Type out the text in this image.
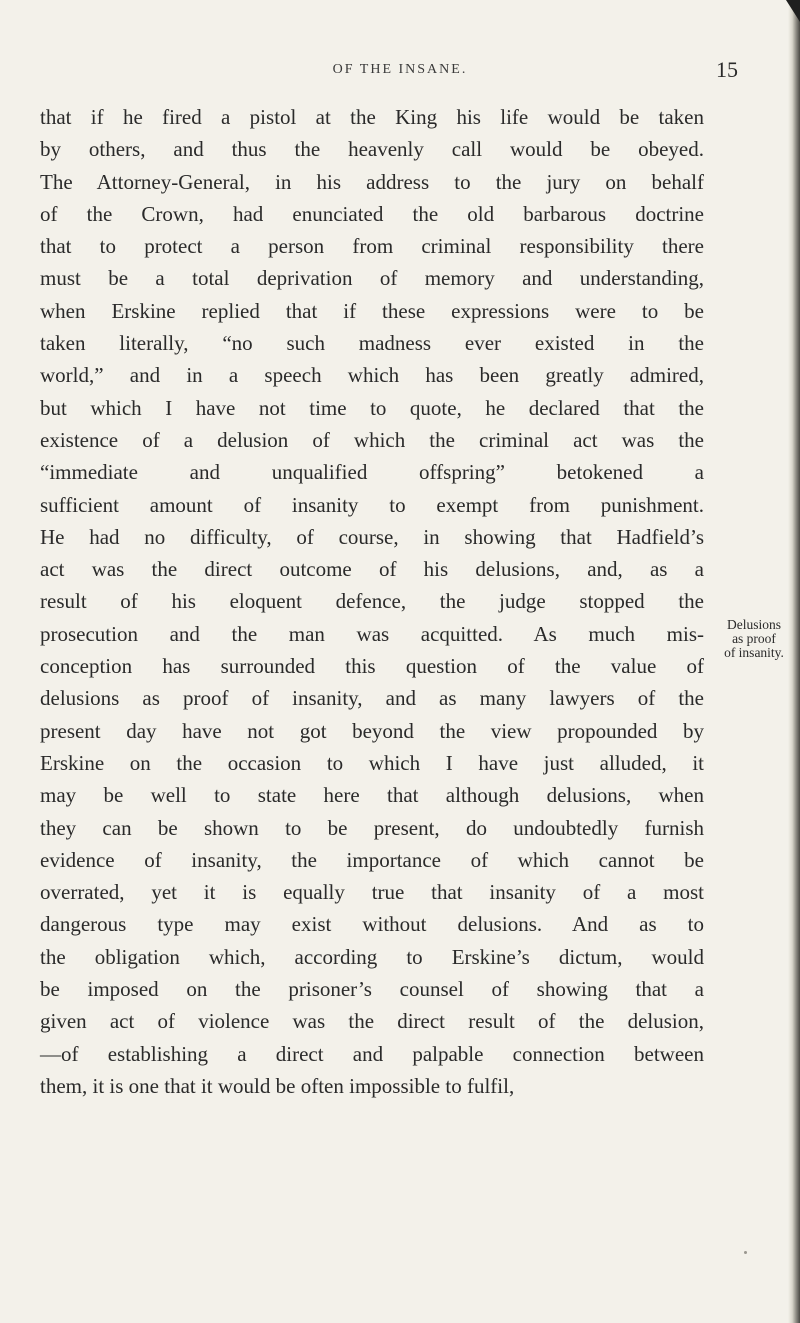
OF THE INSANE.	15
that if he fired a pistol at the King his life would be taken
by others, and thus the heavenly call would be obeyed.
The Attorney-General, in his address to the jury on behalf
of the Crown, had enunciated the old barbarous doctrine
that to protect a person from criminal responsibility there
must be a total deprivation of memory and understanding,
when Erskine replied that if these expressions were to be
taken literally, “no such madness ever existed in the
world,” and in a speech which has been greatly admired,
but which I have not time to quote, he declared that the
existence of a delusion of which the criminal act was the
“immediate and unqualified offspring” betokened a
sufficient amount of insanity to exempt from punishment.
He had no difficulty, of course, in showing that Hadfield’s
act was the direct outcome of his delusions, and, as a
result of his eloquent defence, the judge stopped the
prosecution and the man was acquitted. As much mis-
conception has surrounded this question of the value of
delusions as proof of insanity, and as many lawyers of the
present day have not got beyond the view propounded by
Erskine on the occasion to which I have just alluded, it
may be well to state here that although delusions, when
they can be shown to be present, do undoubtedly furnish
evidence of insanity, the importance of which cannot be
overrated, yet it is equally true that insanity of a most
dangerous type may exist without delusions. And as to
the obligation which, according to Erskine’s dictum, would
be imposed on the prisoner’s counsel of showing that a
given act of violence was the direct result of the delusion,
—of establishing a direct and palpable connection between
them, it is one that it would be often impossible to fulfil,
Delusions
as proof
of insanity.
